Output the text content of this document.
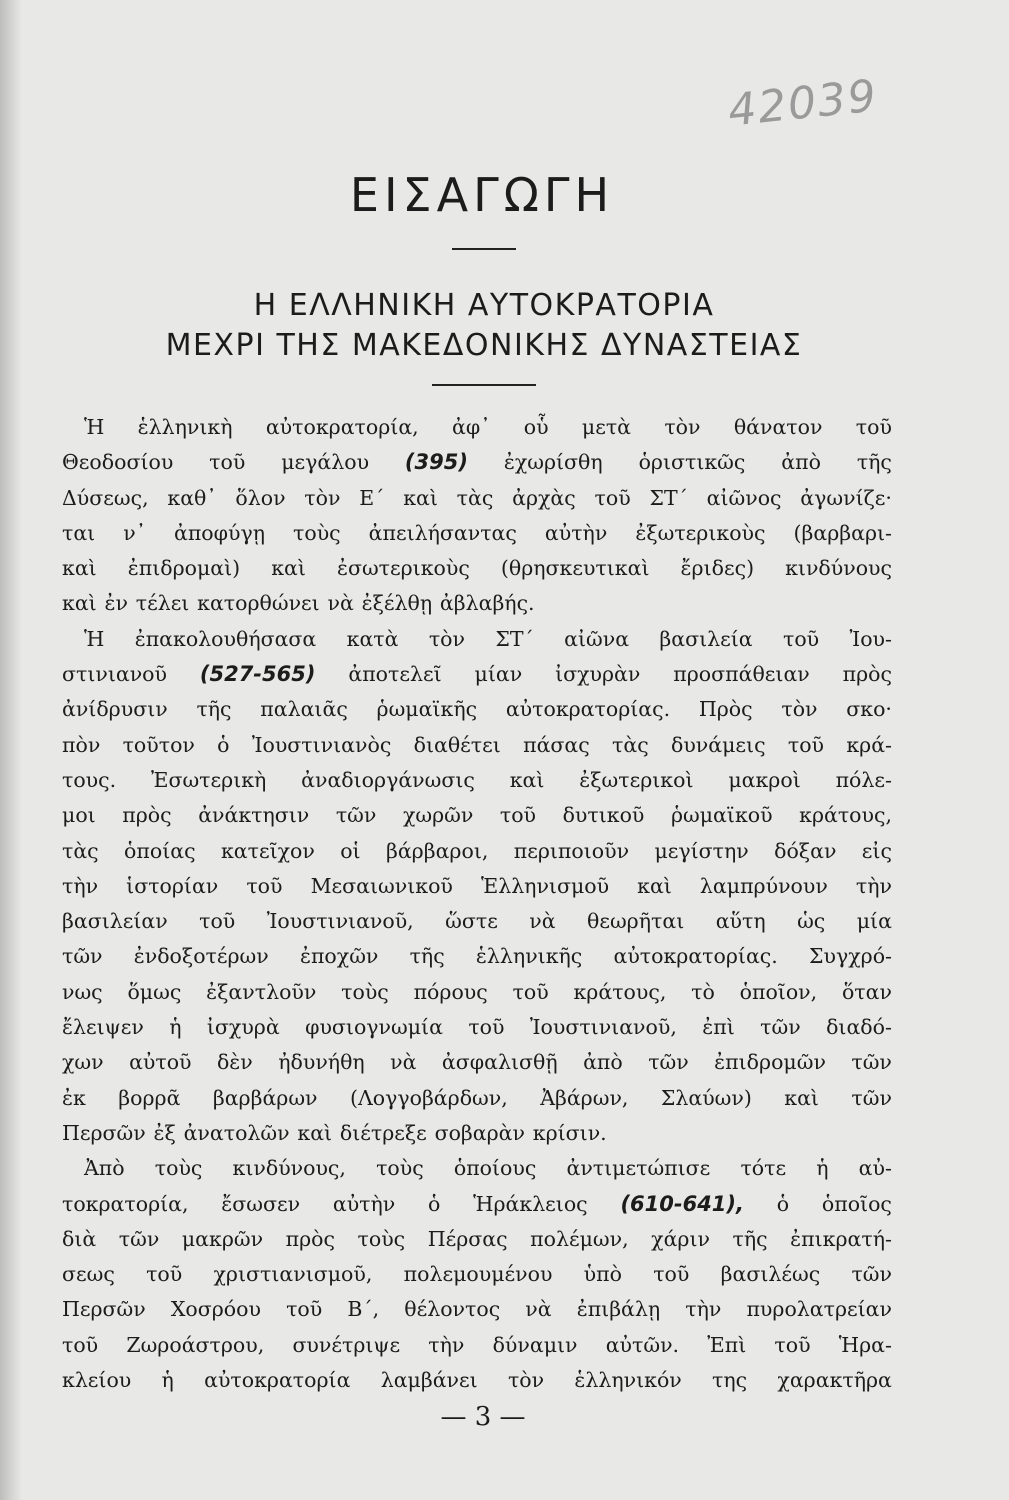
42039
ΕΙΣΑΓΩΓΗ
Η ΕΛΛΗΝΙΚΗ ΑΥΤΟΚΡΑΤΟΡΙΑ
ΜΕΧΡΙ ΤΗΣ ΜΑΚΕΔΟΝΙΚΗΣ ΔΥΝΑΣΤΕΙΑΣ
Ἡ ἑλληνικὴ αὐτοκρατορία, ἀφ᾽ οὗ μετὰ τὸν θάνατον τοῦ
Θεοδοσίου τοῦ μεγάλου (395) ἐχωρίσθη ὁριστικῶς ἀπὸ τῆς
Δύσεως, καθ᾽ ὅλον τὸν Ε΄ καὶ τὰς ἀρχὰς τοῦ ΣΤ΄ αἰῶνος ἀγωνίζε·
ται ν᾽ ἀποφύγῃ τοὺς ἀπειλήσαντας αὐτὴν ἐξωτερικοὺς (βαρβαρι-
καὶ ἐπιδρομαὶ) καὶ ἐσωτερικοὺς (θρησκευτικαὶ ἔριδες) κινδύνους
καὶ ἐν τέλει κατορθώνει νὰ ἐξέλθῃ ἀβλαβής.
Ἡ ἐπακολουθήσασα κατὰ τὸν ΣΤ΄ αἰῶνα βασιλεία τοῦ Ἰου-
στινιανοῦ (527-565) ἀποτελεῖ μίαν ἰσχυρὰν προσπάθειαν πρὸς
ἀνίδρυσιν τῆς παλαιᾶς ῥωμαϊκῆς αὐτοκρατορίας. Πρὸς τὸν σκο·
πὸν τοῦτον ὁ Ἰουστινιανὸς διαθέτει πάσας τὰς δυνάμεις τοῦ κρά-
τους. Ἐσωτερικὴ ἀναδιοργάνωσις καὶ ἐξωτερικοὶ μακροὶ πόλε-
μοι πρὸς ἀνάκτησιν τῶν χωρῶν τοῦ δυτικοῦ ῥωμαϊκοῦ κράτους,
τὰς ὁποίας κατεῖχον οἱ βάρβαροι, περιποιοῦν μεγίστην δόξαν εἰς
τὴν ἱστορίαν τοῦ Μεσαιωνικοῦ Ἑλληνισμοῦ καὶ λαμπρύνουν τὴν
βασιλείαν τοῦ Ἰουστινιανοῦ, ὥστε νὰ θεωρῆται αὕτη ὡς μία
τῶν ἐνδοξοτέρων ἐποχῶν τῆς ἑλληνικῆς αὐτοκρατορίας. Συγχρό-
νως ὅμως ἐξαντλοῦν τοὺς πόρους τοῦ κράτους, τὸ ὁποῖον, ὅταν
ἔλειψεν ἡ ἰσχυρὰ φυσιογνωμία τοῦ Ἰουστινιανοῦ, ἐπὶ τῶν διαδό-
χων αὐτοῦ δὲν ἠδυνήθη νὰ ἀσφαλισθῇ ἀπὸ τῶν ἐπιδρομῶν τῶν
ἐκ βορρᾶ βαρβάρων (Λογγοβάρδων, Ἀβάρων, Σλαύων) καὶ τῶν
Περσῶν ἐξ ἀνατολῶν καὶ διέτρεξε σοβαρὰν κρίσιν.
Ἀπὸ τοὺς κινδύνους, τοὺς ὁποίους ἀντιμετώπισε τότε ἡ αὐ-
τοκρατορία, ἔσωσεν αὐτὴν ὁ Ἡράκλειος (610-641), ὁ ὁποῖος
διὰ τῶν μακρῶν πρὸς τοὺς Πέρσας πολέμων, χάριν τῆς ἐπικρατή-
σεως τοῦ χριστιανισμοῦ, πολεμουμένου ὑπὸ τοῦ βασιλέως τῶν
Περσῶν Χοσρόου τοῦ Β΄, θέλοντος νὰ ἐπιβάλῃ τὴν πυρολατρείαν
τοῦ Ζωροάστρου, συνέτριψε τὴν δύναμιν αὐτῶν. Ἐπὶ τοῦ Ἡρα-
κλείου ἡ αὐτοκρατορία λαμβάνει τὸν ἑλληνικόν της χαρακτῆρα
— 3 —
